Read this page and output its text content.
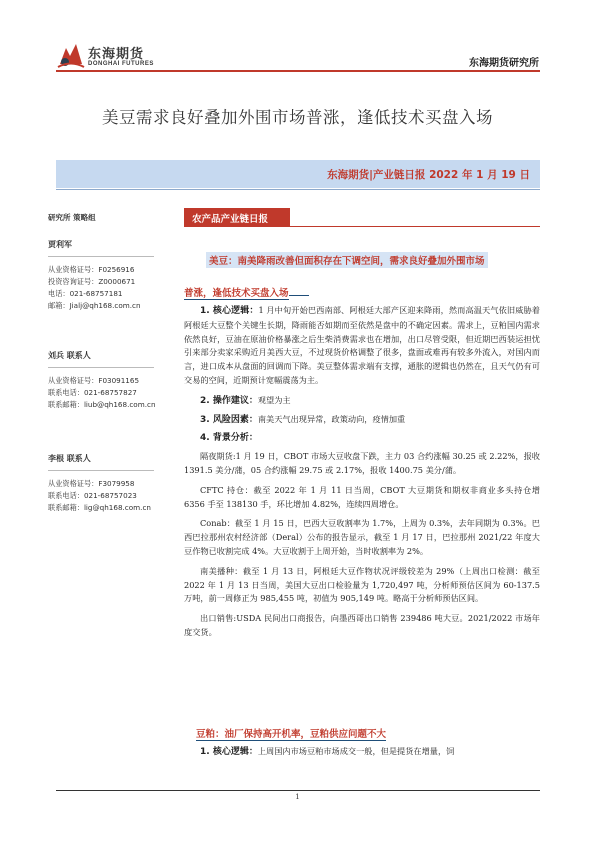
东海期货
DONGHAI FUTURES	东海期货研究所
美豆需求良好叠加外围市场普涨，逢低技术买盘入场
东海期货|产业链日报 2022 年 1 月 19 日
研究所 策略组
贾利军
从业资格证号：F0256916
投资咨询证号：Z0000671
电话：021-68757181
邮箱：Jialj@qh168.com.cn
刘兵 联系人
从业资格证号：F03091165
联系电话：021-68757827
联系邮箱：liub@qh168.com.cn
李根 联系人
从业资格证号：F3079958
联系电话：021-68757023
联系邮箱：lig@qh168.com.cn
农产品产业链日报
美豆：南美降雨改善但面积存在下调空间，需求良好叠加外围市场
普涨，逢低技术买盘入场

1. 核心逻辑：1 月中旬开始巴西南部、阿根廷大部产区迎来降雨，然而高温天气依旧威胁着阿根廷大豆整个关键生长期，降雨能否如期而至依然是盘中的不确定因素。需求上，豆粕国内需求依然良好，豆油在原油价格暴涨之后生柴消费需求也在增加，出口尽管受限，但近期巴西装运担忧引来部分卖家采购近月美西大豆，不过现货价格调整了很多，盘面或难再有较多外流入，对国内而言，进口成本从盘面的回调而下降。美豆整体需求端有支撑，通胀的逻辑也仍然在，且天气仍有可交易的空间，近期预计宽幅震荡为主。

2. 操作建议：观望为主

3. 风险因素：南美天气出现异常，政策动向，疫情加重

4. 背景分析：

隔夜期货:1 月 19 日，CBOT 市场大豆收盘下跌，主力 03 合约涨幅 30.25 或 2.22%，报收 1391.5 美分/蒲，05 合约涨幅 29.75 或 2.17%，报收 1400.75 美分/蒲。

CFTC 持仓：截至 2022 年 1 月 11 日当周，CBOT 大豆期货和期权非商业多头持仓增 6356 手至 138130 手，环比增加 4.82%，连续四周增仓。

Conab：截至 1 月 15 日，巴西大豆收割率为 1.7%，上周为 0.3%，去年同期为 0.3%。巴西巴拉那州农村经济部（Deral）公布的报告显示，截至 1 月 17 日，巴拉那州 2021/22 年度大豆作物已收割完成 4%。大豆收割于上周开始，当时收割率为 2%。

南美播种：截至 1 月 13 日，阿根廷大豆作物状况评级较差为 29%（上周出口检测：截至 2022 年 1 月 13 日当周，美国大豆出口检验量为 1,720,497 吨，分析师预估区间为 60-137.5 万吨，前一周修正为 985,455 吨，初值为 905,149 吨。略高于分析师预估区间。

出口销售:USDA 民间出口商报告，向墨西哥出口销售 239486 吨大豆。2021/2022 市场年度交货。

豆粕：油厂保持高开机率，豆粕供应问题不大

1. 核心逻辑：上周国内市场豆粕市场成交一般，但是提货在增量，饲

1
